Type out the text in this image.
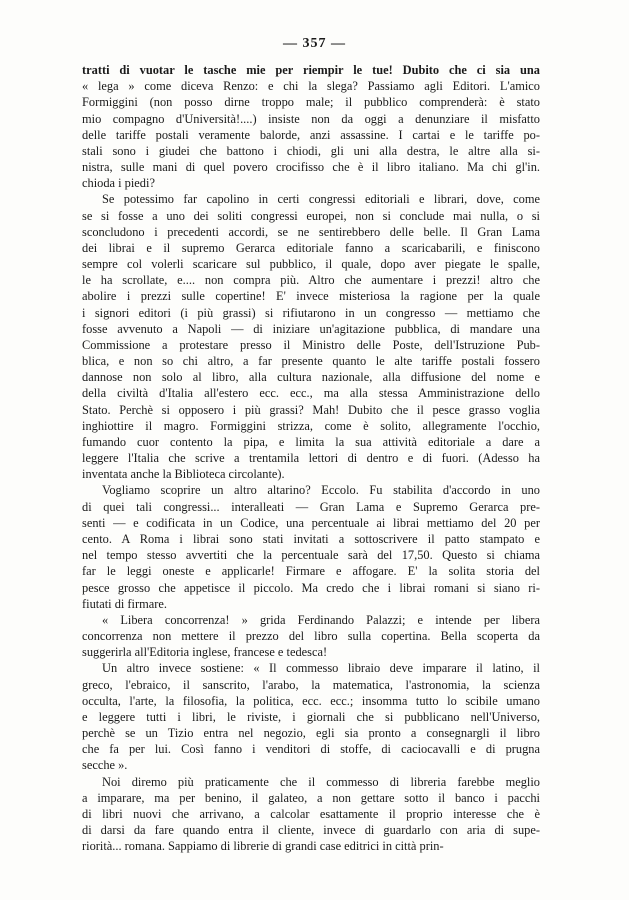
— 357 —
tratti di vuotar le tasche mie per riempir le tue! Dubito che ci sia una
« lega » come diceva Renzo: e chi la slega? Passiamo agli Editori. L'amico
Formiggini (non posso dirne troppo male; il pubblico comprenderà: è stato
mio compagno d'Università!....) insiste non da oggi a denunziare il misfatto
delle tariffe postali veramente balorde, anzi assassine. I cartai e le tariffe po-
stali sono i giudei che battono i chiodi, gli uni alla destra, le altre alla si-
nistra, sulle mani di quel povero crocifisso che è il libro italiano. Ma chi gl'in.
chioda i piedi?
Se potessimo far capolino in certi congressi editoriali e librari, dove, come
se si fosse a uno dei soliti congressi europei, non si conclude mai nulla, o si
sconcludono i precedenti accordi, se ne sentirebbero delle belle. Il Gran Lama
dei librai e il supremo Gerarca editoriale fanno a scaricabarili, e finiscono
sempre col volerli scaricare sul pubblico, il quale, dopo aver piegate le spalle,
le ha scrollate, e.... non compra più. Altro che aumentare i prezzi! altro che
abolire i prezzi sulle copertine! E' invece misteriosa la ragione per la quale
i signori editori (i più grassi) si rifiutarono in un congresso — mettiamo che
fosse avvenuto a Napoli — di iniziare un'agitazione pubblica, di mandare una
Commissione a protestare presso il Ministro delle Poste, dell'Istruzione Pub-
blica, e non so chi altro, a far presente quanto le alte tariffe postali fossero
dannose non solo al libro, alla cultura nazionale, alla diffusione del nome e
della civiltà d'Italia all'estero ecc. ecc., ma alla stessa Amministrazione dello
Stato. Perchè si opposero i più grassi? Mah! Dubito che il pesce grasso voglia
inghiottire il magro. Formiggini strizza, come è solito, allegramente l'occhio,
fumando cuor contento la pipa, e limita la sua attività editoriale a dare a
leggere l'Italia che scrive a trentamila lettori di dentro e di fuori. (Adesso ha
inventata anche la Biblioteca circolante).
Vogliamo scoprire un altro altarino? Eccolo. Fu stabilita d'accordo in uno
di quei tali congressi... interalleati — Gran Lama e Supremo Gerarca pre-
senti — e codificata in un Codice, una percentuale ai librai mettiamo del 20 per
cento. A Roma i librai sono stati invitati a sottoscrivere il patto stampato e
nel tempo stesso avvertiti che la percentuale sarà del 17,50. Questo si chiama
far le leggi oneste e applicarle! Firmare e affogare. E' la solita storia del
pesce grosso che appetisce il piccolo. Ma credo che i librai romani si siano ri-
fiutati di firmare.
« Libera concorrenza! » grida Ferdinando Palazzi; e intende per libera
concorrenza non mettere il prezzo del libro sulla copertina. Bella scoperta da
suggerirla all'Editoria inglese, francese e tedesca!
Un altro invece sostiene: « Il commesso libraio deve imparare il latino, il
greco, l'ebraico, il sanscrito, l'arabo, la matematica, l'astronomia, la scienza
occulta, l'arte, la filosofia, la politica, ecc. ecc.; insomma tutto lo scibile umano
e leggere tutti i libri, le riviste, i giornali che si pubblicano nell'Universo,
perchè se un Tizio entra nel negozio, egli sia pronto a consegnargli il libro
che fa per lui. Così fanno i venditori di stoffe, di caciocavalli e di prugna
secche ».
Noi diremo più praticamente che il commesso di libreria farebbe meglio
a imparare, ma per benino, il galateo, a non gettare sotto il banco i pacchi
di libri nuovi che arrivano, a calcolar esattamente il proprio interesse che è
di darsi da fare quando entra il cliente, invece di guardarlo con aria di supe-
riorità... romana. Sappiamo di librerie di grandi case editrici in città prin-
